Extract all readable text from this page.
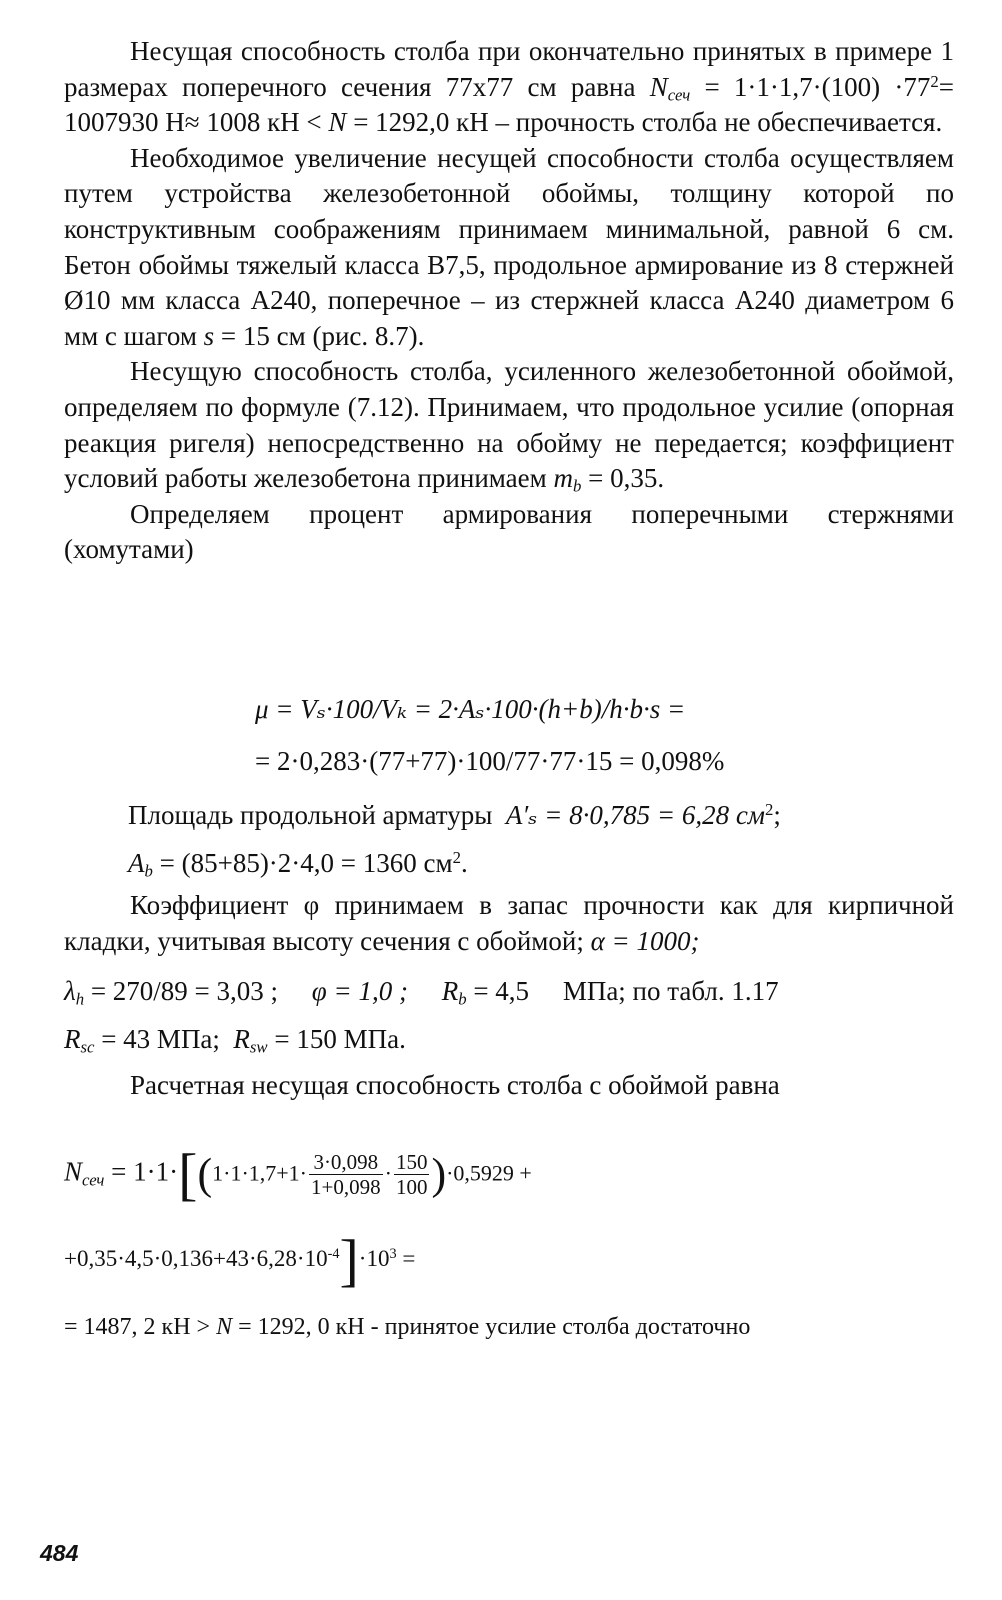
Несущая способность столба при окончательно принятых в примере 1 размерах поперечного сечения 77х77 см равна $N_{сеч} = 1\cdot 1\cdot 1,7\cdot(100) \cdot 77^2= 1007930$ Н≈ 1008 кН < N = 1292,0 кН – прочность столба не обеспечивается.

Необходимое увеличение несущей способности столба осуществляем путем устройства железобетонной обоймы, толщину которой по конструктивным соображениям принимаем минимальной, равной 6 см. Бетон обоймы тяжелый класса В7,5, продольное армирование из 8 стержней Ø10 мм класса А240, поперечное – из стержней класса А240 диаметром 6 мм с шагом s = 15 см (рис. 8.7).

Несущую способность столба, усиленного железобетонной обоймой, определяем по формуле (7.12). Принимаем, что продольное усилие (опорная реакция ригеля) непосредственно на обойму не передается; коэффициент условий работы железобетона принимаем $m_b = 0,35$.

Определяем процент армирования поперечными стержнями (хомутами)

μ = Vₛ·100/Vₖ = 2·Aₛ·100·(h+b)/h·b·s =
= 2·0,283·(77+77)·100/77·77·15 = 0,098%
Площадь продольной арматуры A′ₛ = 8·0,785 = 6,28 $см^2$;
$A_b = (85+85)\cdot 2\cdot 4,0 = 1360$ $см^2$.

Коэффициент φ принимаем в запас прочности как для кирпичной кладки, учитывая высоту сечения с обоймой; α = 1000;

$\lambda_h = 270/89 = 3,03$ ; φ = 1,0 ; $R_b = 4,5$ МПа; по табл. 1.17
$R_{sc} = 43$ МПа; $R_{sw} = 150$ МПа.

Расчетная несущая способность столба с обоймой равна

$N_{сеч} = 1\cdot 1\cdot[(1\cdot 1\cdot 1,7+1\cdot \frac{3\cdot 0,098}{1+0,098} \cdot \frac{150}{100} )\cdot 0,5929$ +
$+0,35\cdot 4,5\cdot 0,136+43\cdot 6,28\cdot 10^{-4}]\cdot 10^3$ =
= 1487, 2 кН > N = 1292, 0 кН - принятое усилие столба достаточно
484
